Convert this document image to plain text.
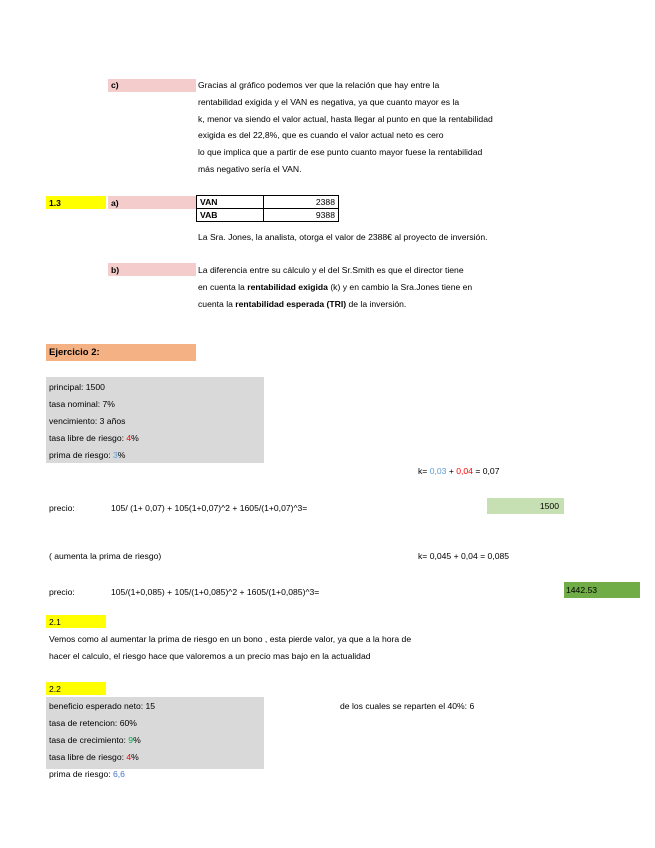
c)	Gracias al gráfico podemos ver que la relación que hay entre la
rentabilidad exigida y el VAN es negativa, ya que cuanto mayor es la
k, menor va siendo el valor actual, hasta llegar al punto en que la rentabilidad
exigida es del 22,8%, que es cuando el valor actual neto es cero
lo que implica que a partir de ese punto cuanto mayor fuese la rentabilidad
más negativo sería el VAN.
1.3	a)	VAN	2388
VAB	9388
La Sra. Jones, la analista, otorga el valor de 2388€ al proyecto de inversión.
b)	La diferencia entre su cálculo y el del Sr.Smith es que el director tiene
en cuenta la rentabilidad exigida (k) y en cambio la Sra.Jones tiene en
cuenta la rentabilidad esperada (TRI) de la inversión.
Ejercicio 2:
principal: 1500
tasa nominal: 7%
vencimiento: 3 años
tasa libre de riesgo: 4%
prima de riesgo: 3%
k= 0,03 + 0,04 = 0,07
precio:	105/ (1+ 0,07) + 105(1+0,07)^2 + 1605/(1+0,07)^3=	1500
( aumenta la prima de riesgo)	k= 0,045 + 0,04 = 0,085
precio:	105/(1+0,085) + 105/(1+0,085)^2 + 1605/(1+0,085)^3=	1442.53
2.1
Vemos como al aumentar la prima de riesgo en un bono , esta pierde valor, ya que a la hora de
hacer el calculo, el riesgo hace que valoremos a un precio mas bajo en la actualidad
2.2
beneficio esperado neto: 15	de los cuales se reparten el 40%: 6
tasa de retencion: 60%
tasa de crecimiento: 9%
tasa libre de riesgo: 4%
prima de riesgo: 6,6
